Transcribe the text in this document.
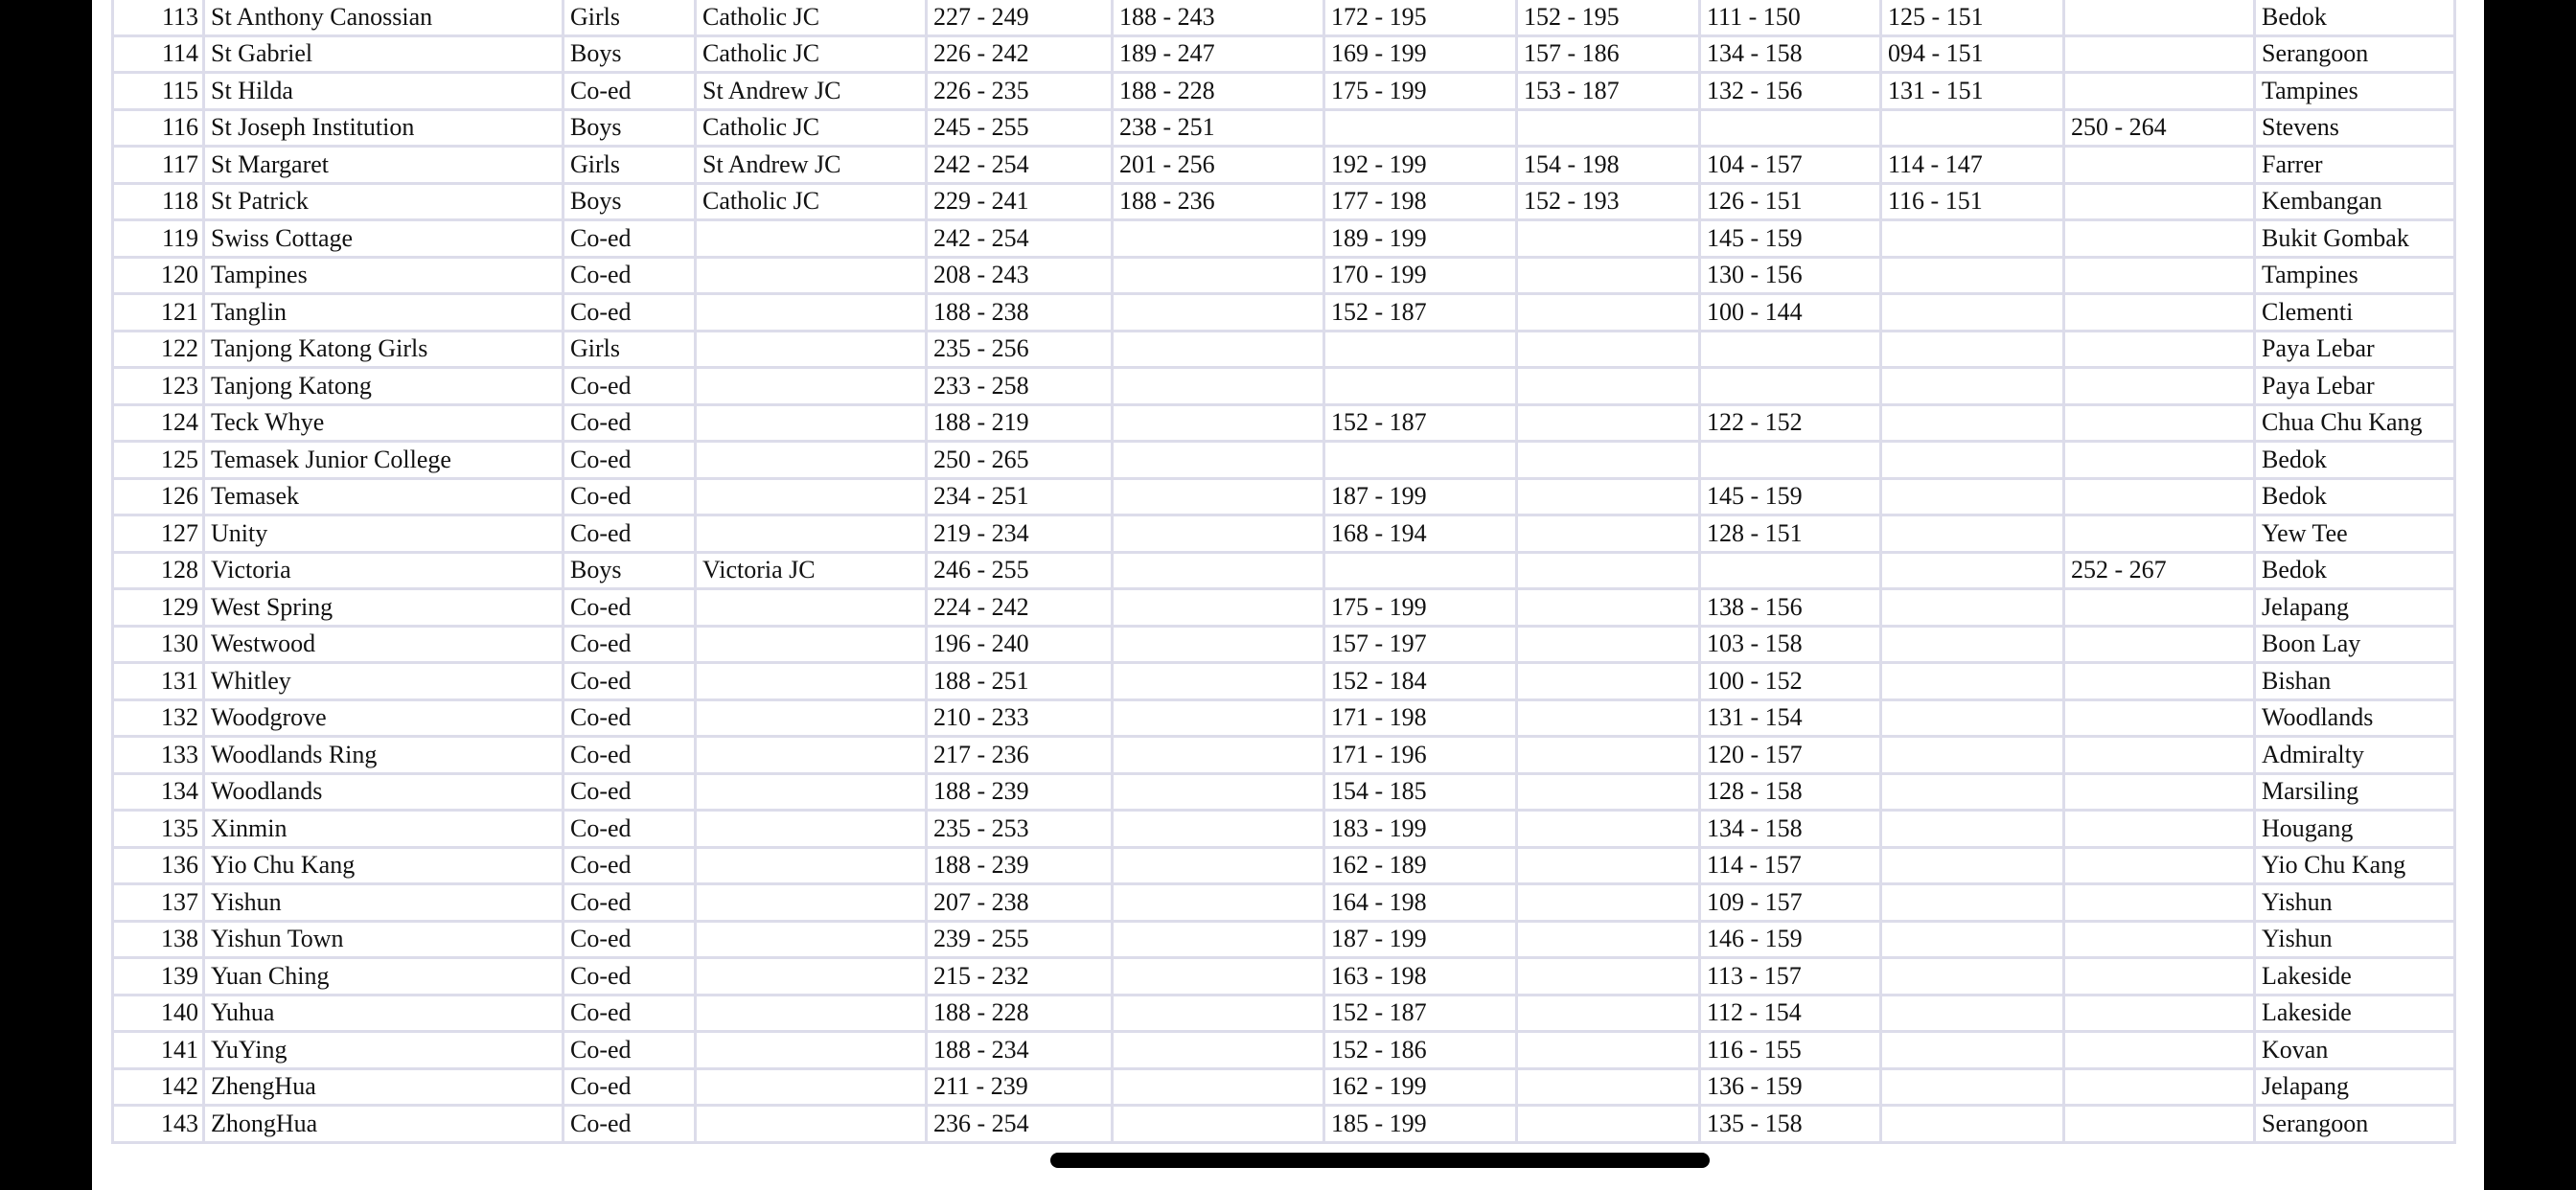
113	St Anthony Canossian	Girls	Catholic JC	227 - 249	188 - 243	172 - 195	152 - 195	111 - 150	125 - 151		Bedok
114	St Gabriel	Boys	Catholic JC	226 - 242	189 - 247	169 - 199	157 - 186	134 - 158	094 - 151		Serangoon
115	St Hilda	Co-ed	St Andrew JC	226 - 235	188 - 228	175 - 199	153 - 187	132 - 156	131 - 151		Tampines
116	St Joseph Institution	Boys	Catholic JC	245 - 255	238 - 251					250 - 264	Stevens
117	St Margaret	Girls	St Andrew JC	242 - 254	201 - 256	192 - 199	154 - 198	104 - 157	114 - 147		Farrer
118	St Patrick	Boys	Catholic JC	229 - 241	188 - 236	177 - 198	152 - 193	126 - 151	116 - 151		Kembangan
119	Swiss Cottage	Co-ed		242 - 254		189 - 199		145 - 159			Bukit Gombak
120	Tampines	Co-ed		208 - 243		170 - 199		130 - 156			Tampines
121	Tanglin	Co-ed		188 - 238		152 - 187		100 - 144			Clementi
122	Tanjong Katong Girls	Girls		235 - 256							Paya Lebar
123	Tanjong Katong	Co-ed		233 - 258							Paya Lebar
124	Teck Whye	Co-ed		188 - 219		152 - 187		122 - 152			Chua Chu Kang
125	Temasek Junior College	Co-ed		250 - 265							Bedok
126	Temasek	Co-ed		234 - 251		187 - 199		145 - 159			Bedok
127	Unity	Co-ed		219 - 234		168 - 194		128 - 151			Yew Tee
128	Victoria	Boys	Victoria JC	246 - 255						252 - 267	Bedok
129	West Spring	Co-ed		224 - 242		175 - 199		138 - 156			Jelapang
130	Westwood	Co-ed		196 - 240		157 - 197		103 - 158			Boon Lay
131	Whitley	Co-ed		188 - 251		152 - 184		100 - 152			Bishan
132	Woodgrove	Co-ed		210 - 233		171 - 198		131 - 154			Woodlands
133	Woodlands Ring	Co-ed		217 - 236		171 - 196		120 - 157			Admiralty
134	Woodlands	Co-ed		188 - 239		154 - 185		128 - 158			Marsiling
135	Xinmin	Co-ed		235 - 253		183 - 199		134 - 158			Hougang
136	Yio Chu Kang	Co-ed		188 - 239		162 - 189		114 - 157			Yio Chu Kang
137	Yishun	Co-ed		207 - 238		164 - 198		109 - 157			Yishun
138	Yishun Town	Co-ed		239 - 255		187 - 199		146 - 159			Yishun
139	Yuan Ching	Co-ed		215 - 232		163 - 198		113 - 157			Lakeside
140	Yuhua	Co-ed		188 - 228		152 - 187		112 - 154			Lakeside
141	YuYing	Co-ed		188 - 234		152 - 186		116 - 155			Kovan
142	ZhengHua	Co-ed		211 - 239		162 - 199		136 - 159			Jelapang
143	ZhongHua	Co-ed		236 - 254		185 - 199		135 - 158			Serangoon
